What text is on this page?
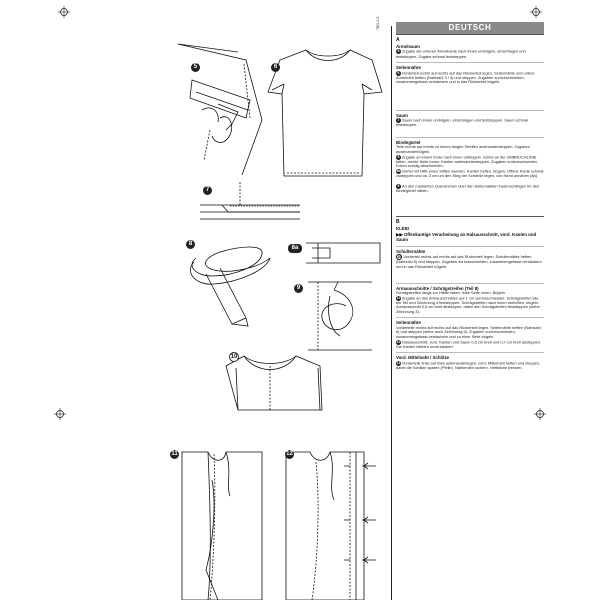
7BG-4 S
5	6
7
8
8a
9
10
11	12
DEUTSCH
A
Ärmelsaum
5 Zugabe der unteren Ärmelkante nach innen umbügeln, einschlagen und feststeppen. Zugabe schmal feststeppen.
Seitennähte
6 Vorderteil rechts auf rechts auf das Rückenteil legen, Seitennähte und untere Ärmelnäht heften (Nahtzahl 3 / 4) und steppen. Zugaben zurückschneiden, zusammengefasst versäubern und in das Rückenteil bügeln.
Saum
7 Saum nach innen umbügeln, einschlagen und feststeppen. Saum schmal feststeppen.
Bindegürtel
Teile rechts auf rechts zu einem langen Streifen aneinandersteppen. Zugaben auseinanderbügeln.
8 Zugabe an einem Ende nach innen umbügeln. Gürtel an der UMBRUCHLINIE falten, rechte Seite innen. Kanten aufeinandersteppen. Zugaben zurückschneiden, Ecken schräg abschneiden.
8a Gürtel mit Hilfe eines Stiftes wenden. Kanten heften, bügeln. Offene Kante schmal zusteppen und ca. 3 cm um den Steg der Schließe legen, von Hand annähen (8a).
9 An den markierten Querstrichen über den Seitennähten Fadenschlingen für den Bindegürtel nähen.
B
KLEID
▶▶ Offenkantige Verarbeitung an Halsausschnitt, vord. Kanten und Saum
Schulternähte
10 Vorderteil rechts auf rechts auf das Rückenteil legen, Schulternähte heften (Nahtzahl 5) und steppen. Zugaben zurückschneiden, zusammengefasst versäubern und in das Rückenteil bügeln.
Armausschnitte / Schrägstreifen (Teil 8)
Schrägstreifen längs zur Hälfte falten, linke Seite innen. Bügeln.
11 Zugabe an den Armausschnitten auf 1 cm zurückschneiden. Schrägstreifen wie bei Teil und Zeichnung 4 feststeppen. Schrägstreifen nach innen umheften, bügeln. Armausschnitt 0,5 cm breit absteppen, dabei den Schrägstreifen feststeppen (siehe Zeichnung 3).
Seitennähte
Vorderteile rechts auf rechts auf das Rückenteil legen. Seitennähte heften (Nahtzahl 6) und steppen (siehe auch Zeichnung 6). Zugaben zurückschneiden, zusammengefasst versäubern und zu einer Seite bügeln.
12 Halsausschnitt, vord. Kanten und Saum 0,5 cm breit und 0,7 cm breit absteppen. Die Kanten bleiben unversäubert.
Vord. Mittelnaht / Schlitze
13 Vorderteile links auf links aufeinanderlegen, vord. Mittelnaht heften und steppen, dabei die Schlitze sparen (Pfeile). Nahtenden sichern. Heftstiche trennen.
